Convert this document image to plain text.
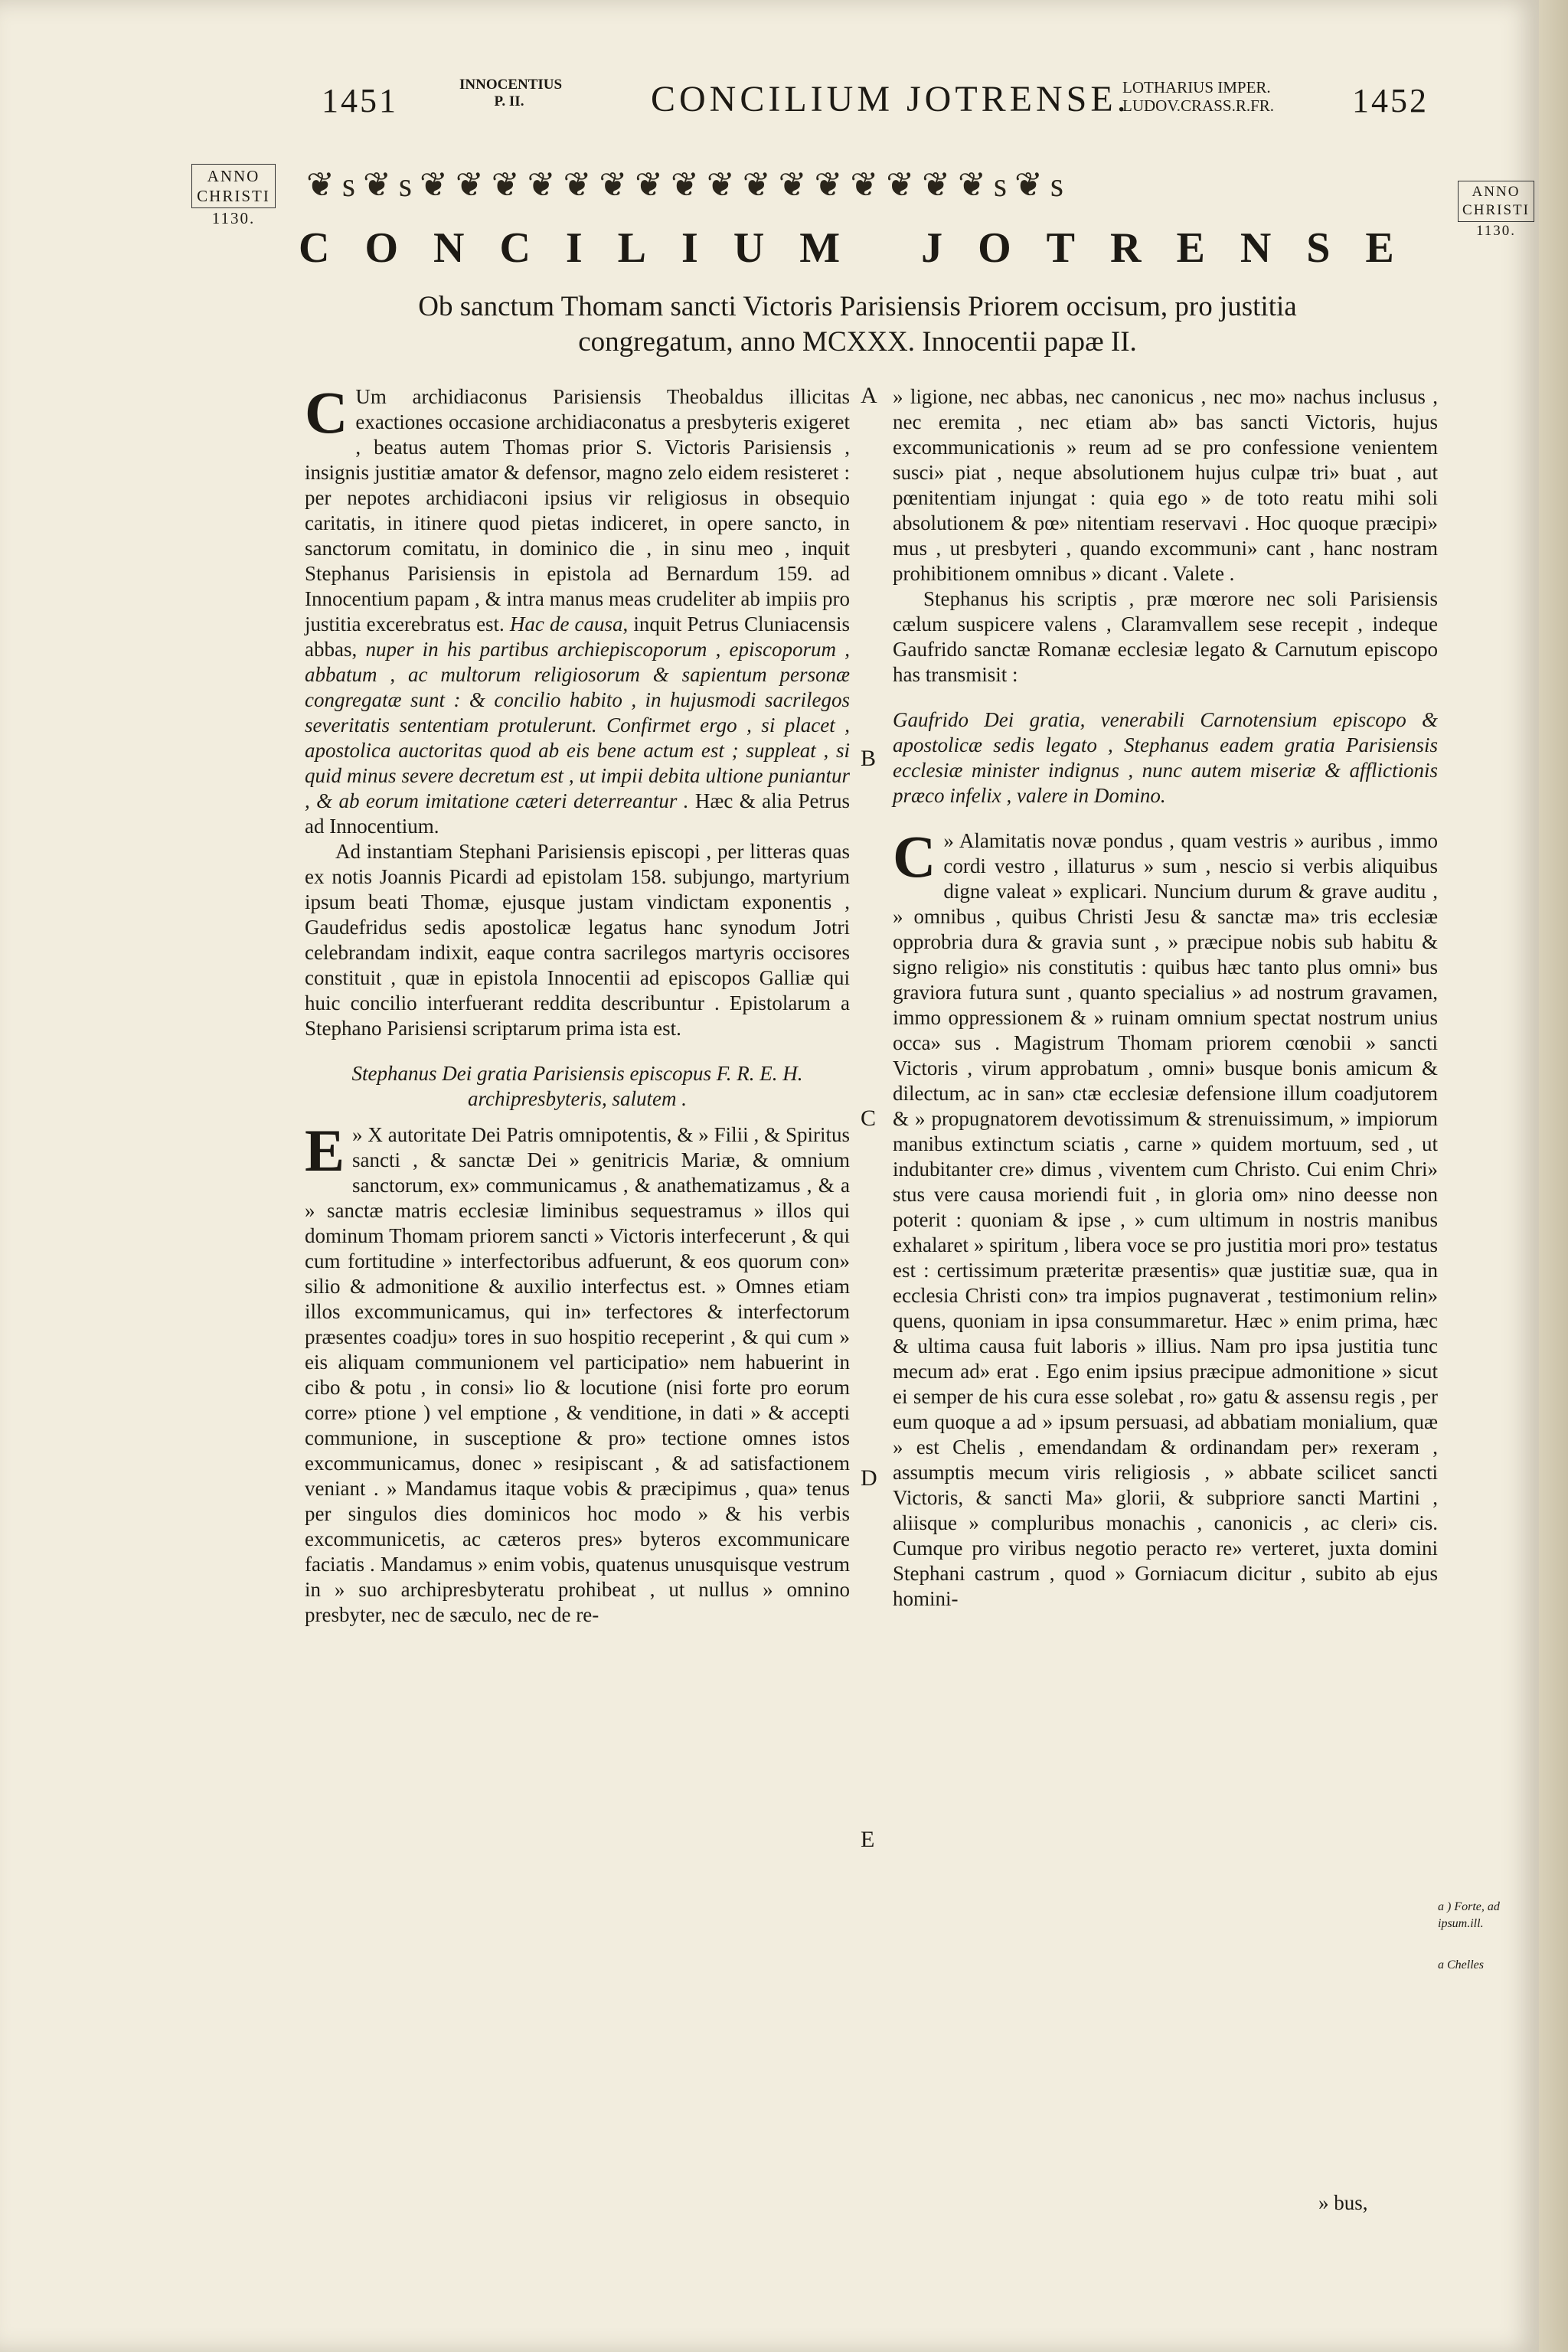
1451	INNOCENTIUS
P. II.	CONCILIUM JOTRENSE.
LOTHARIUS IMPER.
LUDOV.CRASS.R.FR. 1452
ANNO
CHRISTI
1130.
ANNO
CHRISTI
1130.
❦s❦s❦❦❦❦❦❦❦❦❦❦❦❦❦❦❦❦s❦s
CONCILIUM JOTRENSE
Ob sanctum Thomam sancti Victoris Parisiensis Priorem occisum, pro justitia
congregatum, anno MCXXX. Innocentii papæ II.

C Um archidiaconus Parisiensis Theobaldus illicitas exactiones occasione archidiaconatus a presbyteris exigeret , beatus autem Thomas prior S. Victoris Parisiensis , insignis justitiæ amator & defensor, magno zelo eidem resisteret : per nepotes archidiaconi ipsius vir religiosus in obsequio caritatis, in itinere quod pietas indiceret, in opere sancto, in sanctorum comitatu, in dominico die , in sinu meo , inquit Stephanus Parisiensis in epistola ad Bernardum 159. ad Innocentium papam , & intra manus meas crudeliter ab impiis pro justitia excerebratus est. Hac de causa, inquit Petrus Cluniacensis abbas, nuper in his partibus archiepiscoporum , episcoporum , abbatum , ac multorum religiosorum & sapientum personæ congregatæ sunt : & concilio habito , in hujusmodi sacrilegos severitatis sententiam protulerunt. Confirmet ergo , si placet , apostolica auctoritas quod ab eis bene actum est ; suppleat , si quid minus severe decretum est , ut impii debita ultione puniantur , & ab eorum imitatione cæteri deterreantur . Hæc & alia Petrus ad Innocentium.

Ad instantiam Stephani Parisiensis episcopi , per litteras quas ex notis Joannis Picardi ad epistolam 158. subjungo, martyrium ipsum beati Thomæ, ejusque justam vindictam exponentis , Gaudefridus sedis apostolicæ legatus hanc synodum Jotri celebrandam indixit, eaque contra sacrilegos martyris occisores constituit , quæ in epistola Innocentii ad episcopos Galliæ qui huic concilio interfuerant reddita describuntur . Epistolarum a Stephano Parisiensi scriptarum prima ista est.

Stephanus Dei gratia Parisiensis episcopus F. R. E. H. archipresbyteris, salutem .

E » X autoritate Dei Patris omnipotentis, & » Filii , & Spiritus sancti , & sanctæ Dei » genitricis Mariæ, & omnium sanctorum, ex» communicamus , & anathematizamus , & a » sanctæ matris ecclesiæ liminibus sequestramus » illos qui dominum Thomam priorem sancti » Victoris interfecerunt , & qui cum fortitudine » interfectoribus adfuerunt, & eos quorum con» silio & admonitione & auxilio interfectus est. » Omnes etiam illos excommunicamus, qui in» terfectores & interfectorum præsentes coadju» tores in suo hospitio receperint , & qui cum » eis aliquam communionem vel participatio» nem habuerint in cibo & potu , in consi» lio & locutione (nisi forte pro eorum corre» ptione ) vel emptione , & venditione, in dati » & accepti communione, in susceptione & pro» tectione omnes istos excommunicamus, donec » resipiscant , & ad satisfactionem veniant . » Mandamus itaque vobis & præcipimus , qua» tenus per singulos dies dominicos hoc modo » & his verbis excommunicetis, ac cæteros pres» byteros excommunicare faciatis . Mandamus » enim vobis, quatenus unusquisque vestrum in » suo archipresbyteratu prohibeat , ut nullus » omnino presbyter, nec de sæculo, nec de re-

A
B
C
D
E

» ligione, nec abbas, nec canonicus , nec mo» nachus inclusus , nec eremita , nec etiam ab» bas sancti Victoris, hujus excommunicationis » reum ad se pro confessione venientem susci» piat , neque absolutionem hujus culpæ tri» buat , aut pœnitentiam injungat : quia ego » de toto reatu mihi soli absolutionem & pœ» nitentiam reservavi . Hoc quoque præcipi» mus , ut presbyteri , quando excommuni» cant , hanc nostram prohibitionem omnibus » dicant . Valete .

Stephanus his scriptis , præ mœrore nec soli Parisiensis cælum suspicere valens , Claramvallem sese recepit , indeque Gaufrido sanctæ Romanæ ecclesiæ legato & Carnutum episcopo has transmisit :

Gaufrido Dei gratia, venerabili Carnotensium episcopo & apostolicæ sedis legato , Stephanus eadem gratia Parisiensis ecclesiæ minister indignus , nunc autem miseriæ & afflictionis præco infelix , valere in Domino.

C » Alamitatis novæ pondus , quam vestris » auribus , immo cordi vestro , illaturus » sum , nescio si verbis aliquibus digne valeat » explicari. Nuncium durum & grave auditu , » omnibus , quibus Christi Jesu & sanctæ ma» tris ecclesiæ opprobria dura & gravia sunt , » præcipue nobis sub habitu & signo religio» nis constitutis : quibus hæc tanto plus omni» bus graviora futura sunt , quanto specialius » ad nostrum gravamen, immo oppressionem & » ruinam omnium spectat nostrum unius occa» sus . Magistrum Thomam priorem cœnobii » sancti Victoris , virum approbatum , omni» busque bonis amicum & dilectum, ac in san» ctæ ecclesiæ defensione illum coadjutorem & » propugnatorem devotissimum & strenuissimum, » impiorum manibus extinctum sciatis , carne » quidem mortuum, sed , ut indubitanter cre» dimus , viventem cum Christo. Cui enim Chri» stus vere causa moriendi fuit , in gloria om» nino deesse non poterit : quoniam & ipse , » cum ultimum in nostris manibus exhalaret » spiritum , libera voce se pro justitia mori pro» testatus est : certissimum præteritæ præsentis» quæ justitiæ suæ, qua in ecclesia Christi con» tra impios pugnaverat , testimonium relin» quens, quoniam in ipsa consummaretur. Hæc » enim prima, hæc & ultima causa fuit laboris » illius. Nam pro ipsa justitia tunc mecum ad» erat . Ego enim ipsius præcipue admonitione » sicut ei semper de his cura esse solebat , ro» gatu & assensu regis , per eum quoque a ad » ipsum persuasi, ad abbatiam monialium, quæ » est Chelis , emendandam & ordinandam per» rexeram , assumptis mecum viris religiosis , » abbate scilicet sancti Victoris, & sancti Ma» glorii, & subpriore sancti Martini , aliisque » compluribus monachis , canonicis , ac cleri» cis. Cumque pro viribus negotio peracto re» verteret, juxta domini Stephani castrum , quod » Gorniacum dicitur , subito ab ejus homini-

a ) Forte, ad ipsum.ill.
a Chelles
» bus,
